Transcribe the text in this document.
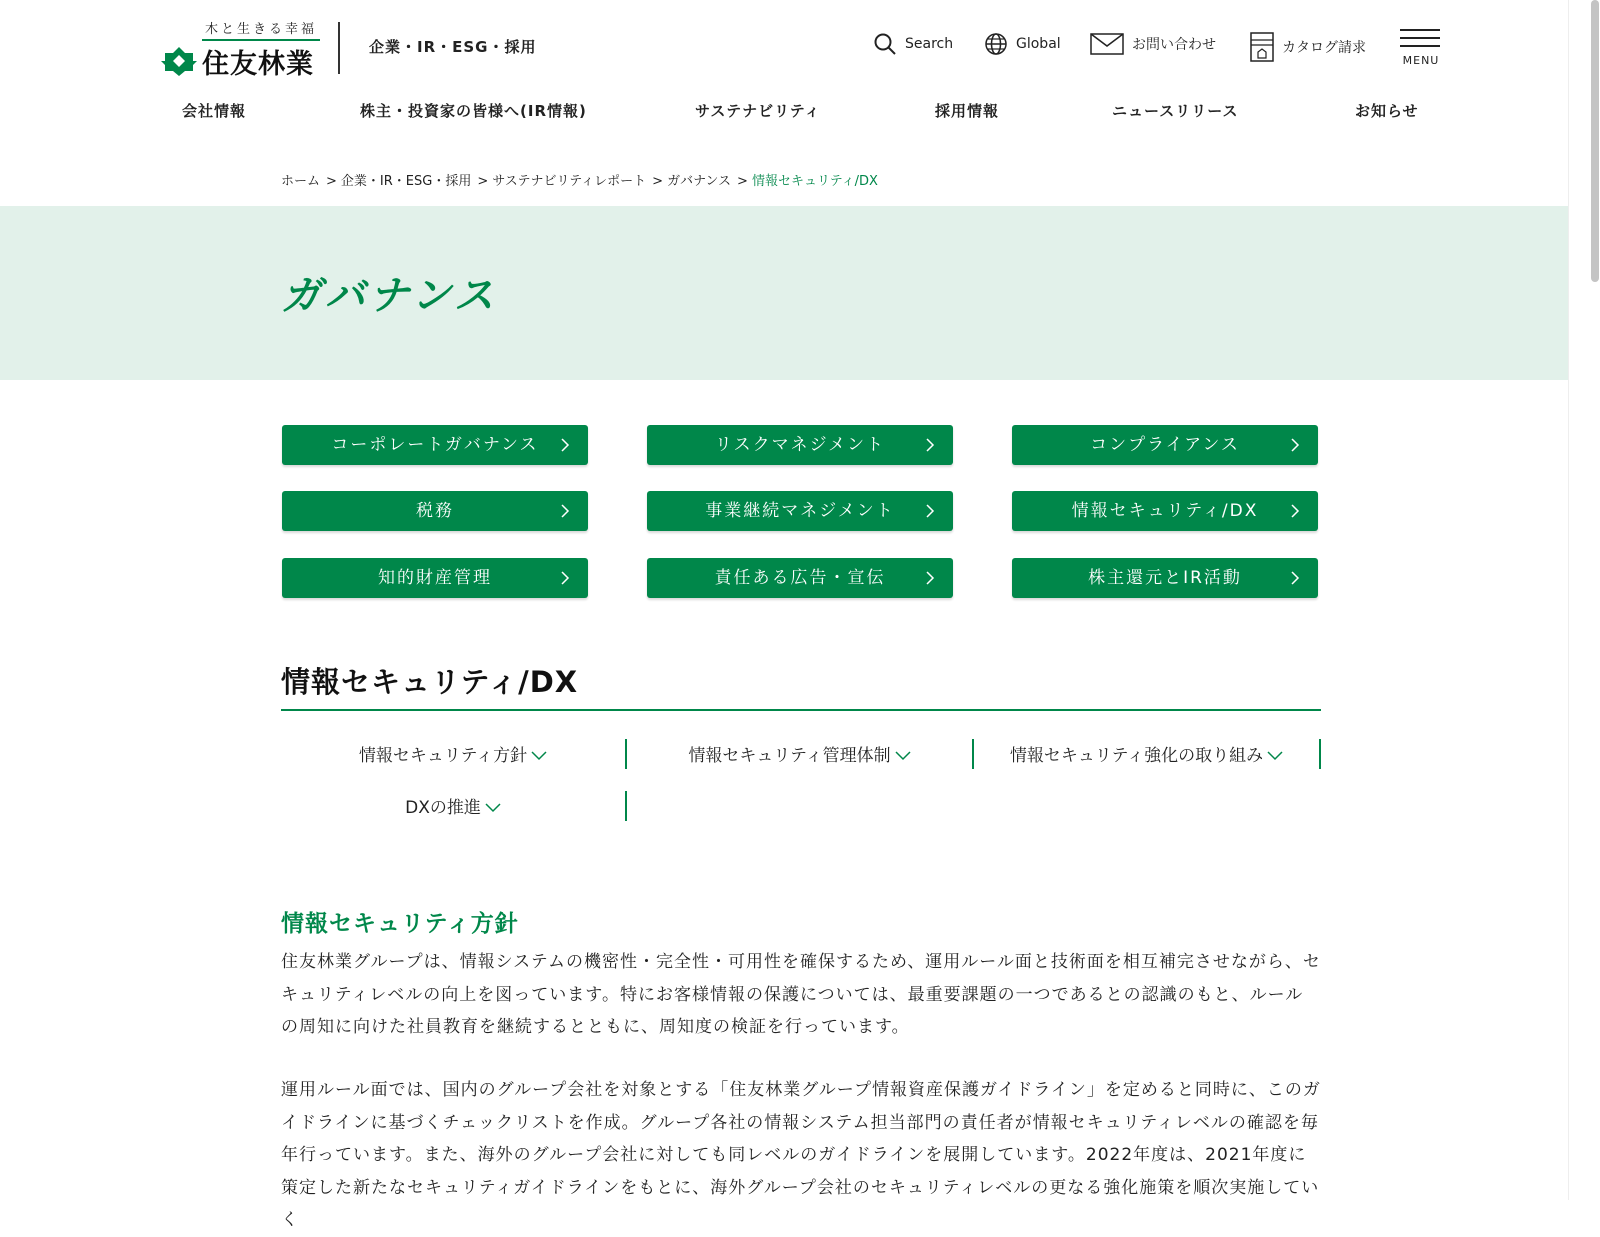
木と生きる幸福
住友林業
企業・IR・ESG・採用	Search	Global	お問い合わせ	カタログ請求
MENU
会社情報	株主・投資家の皆様へ(IR情報)	サステナビリティ	採用情報	ニュースリリース	お知らせ
ホーム > 企業・IR・ESG・採用 > サステナビリティレポート > ガバナンス > 情報セキュリティ/DX
ガバナンス
コーポレートガバナンス	リスクマネジメント	コンプライアンス
税務	事業継続マネジメント	情報セキュリティ/DX
知的財産管理	責任ある広告・宣伝	株主還元とIR活動
情報セキュリティ/DX
情報セキュリティ方針	情報セキュリティ管理体制	情報セキュリティ強化の取り組み
DXの推進
情報セキュリティ方針

住友林業グループは、情報システムの機密性・完全性・可用性を確保するため、運用ルール面と技術面を相互補完させながら、セキュリティレベルの向上を図っています。特にお客様情報の保護については、最重要課題の一つであるとの認識のもと、ルールの周知に向けた社員教育を継続するとともに、周知度の検証を行っています。

運用ルール面では、国内のグループ会社を対象とする「住友林業グループ情報資産保護ガイドライン」を定めると同時に、このガイドラインに基づくチェックリストを作成。グループ各社の情報システム担当部門の責任者が情報セキュリティレベルの確認を毎年行っています。また、海外のグループ会社に対しても同レベルのガイドラインを展開しています。2022年度は、2021年度に策定した新たなセキュリティガイドラインをもとに、海外グループ会社のセキュリティレベルの更なる強化施策を順次実施していく
